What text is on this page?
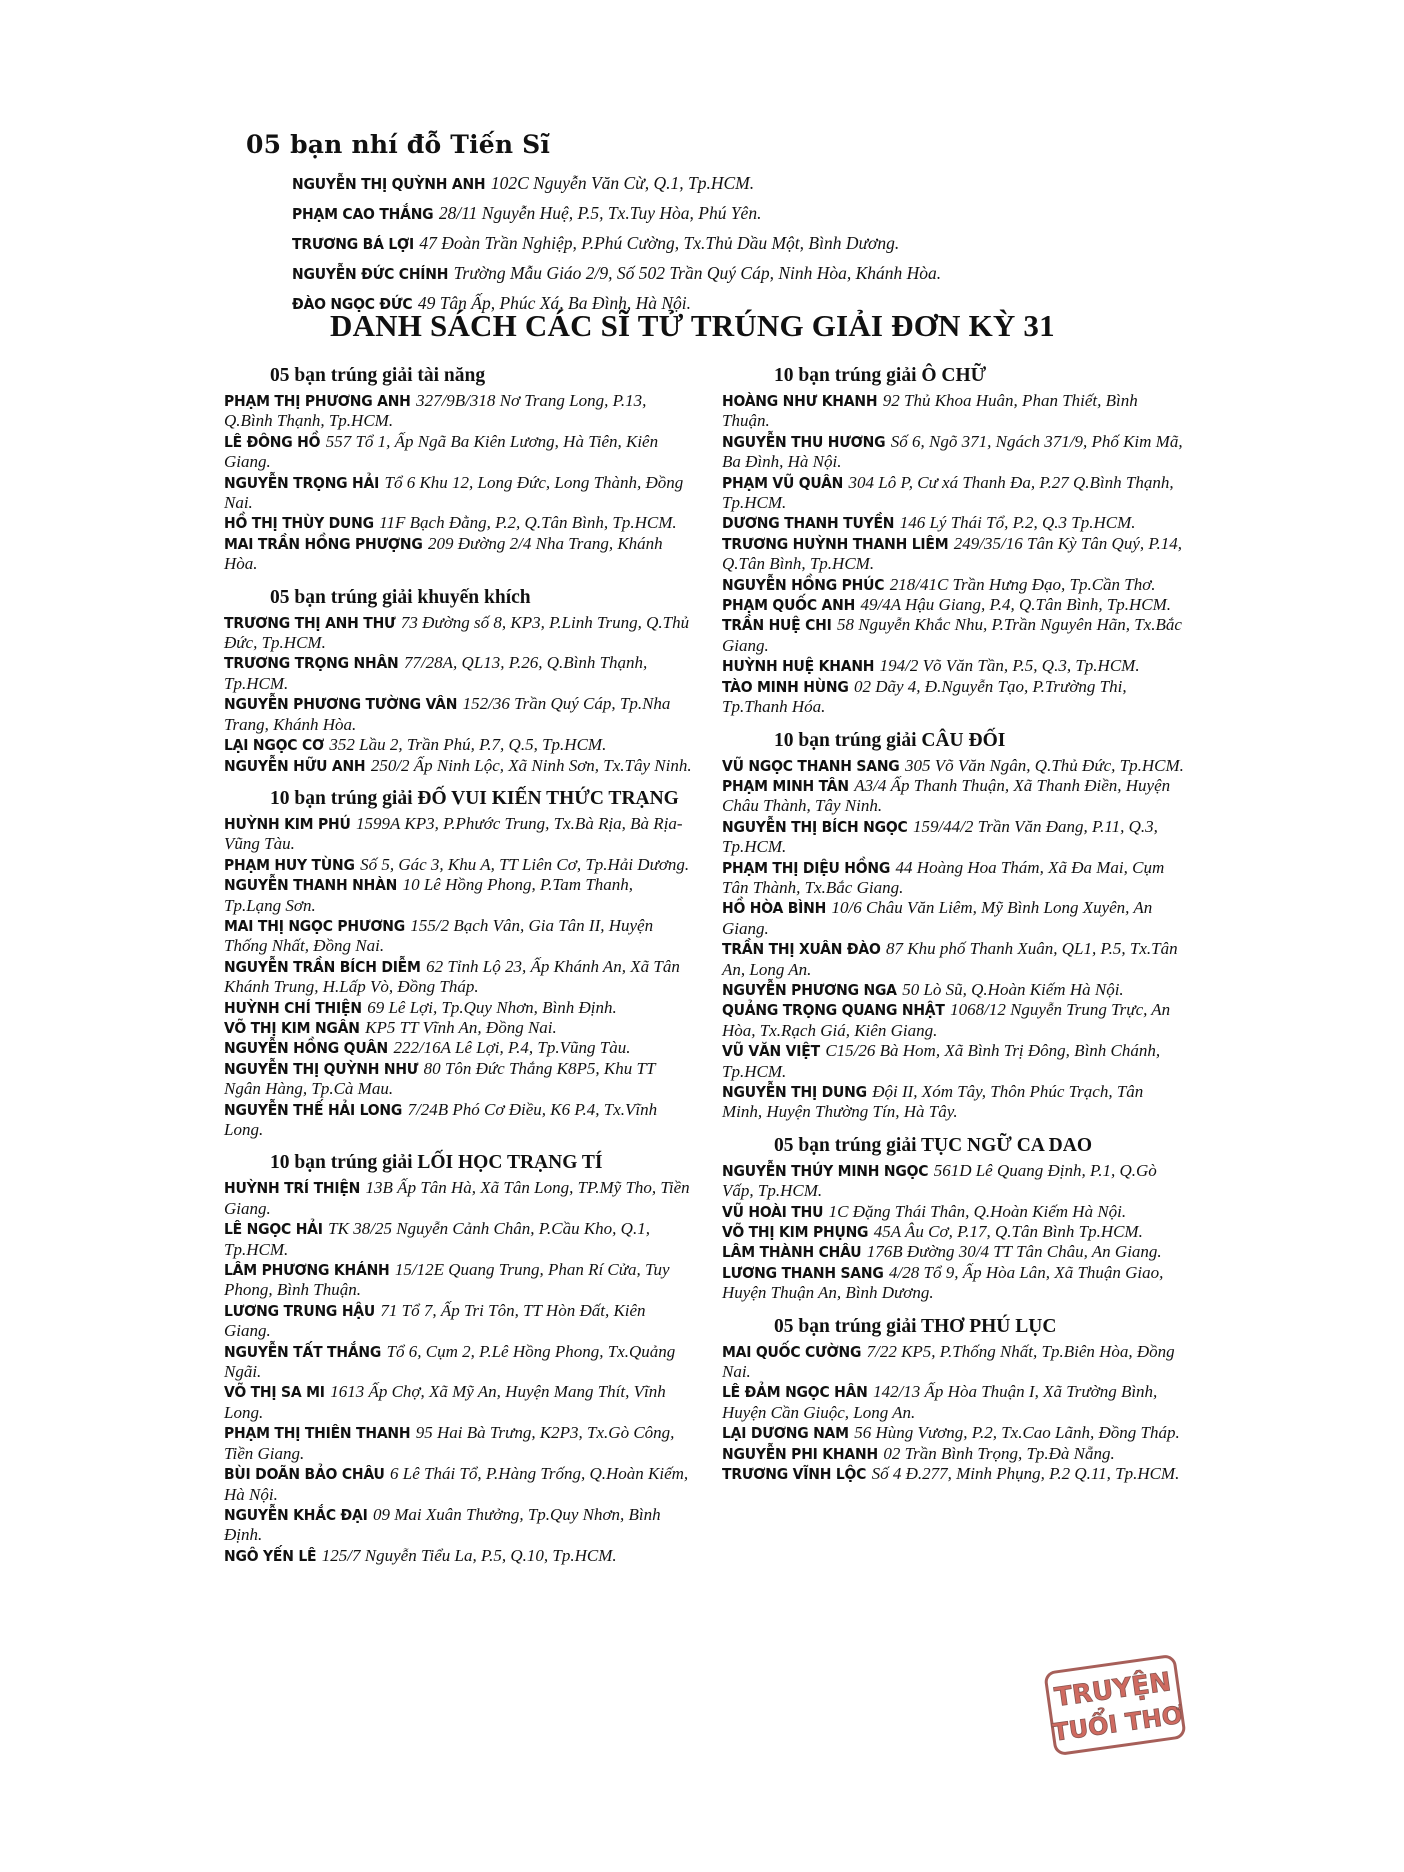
05 bạn nhí đỗ Tiến Sĩ
NGUYỄN THỊ QUỲNH ANH 102C Nguyễn Văn Cừ, Q.1, Tp.HCM.
PHẠM CAO THẮNG 28/11 Nguyễn Huệ, P.5, Tx.Tuy Hòa, Phú Yên.
TRƯƠNG BÁ LỢI 47 Đoàn Trần Nghiệp, P.Phú Cường, Tx.Thủ Dầu Một, Bình Dương.
NGUYỄN ĐỨC CHÍNH Trường Mẫu Giáo 2/9, Số 502 Trần Quý Cáp, Ninh Hòa, Khánh Hòa.
ĐÀO NGỌC ĐỨC 49 Tân Ấp, Phúc Xá, Ba Đình, Hà Nội.
DANH SÁCH CÁC SĨ TỬ TRÚNG GIẢI ĐƠN KỲ 31
05 bạn trúng giải tài năng
PHẠM THỊ PHƯƠNG ANH 327/9B/318 Nơ Trang Long, P.13, Q.Bình Thạnh, Tp.HCM.
LÊ ĐÔNG HỒ 557 Tổ 1, Ấp Ngã Ba Kiên Lương, Hà Tiên, Kiên Giang.
NGUYỄN TRỌNG HẢI Tổ 6 Khu 12, Long Đức, Long Thành, Đồng Nai.
HỒ THỊ THÙY DUNG 11F Bạch Đằng, P.2, Q.Tân Bình, Tp.HCM.
MAI TRẦN HỒNG PHƯỢNG 209 Đường 2/4 Nha Trang, Khánh Hòa.
05 bạn trúng giải khuyến khích
TRƯƠNG THỊ ANH THƯ 73 Đường số 8, KP3, P.Linh Trung, Q.Thủ Đức, Tp.HCM.
TRƯƠNG TRỌNG NHÂN 77/28A, QL13, P.26, Q.Bình Thạnh, Tp.HCM.
NGUYỄN PHƯƠNG TƯỜNG VÂN 152/36 Trần Quý Cáp, Tp.Nha Trang, Khánh Hòa.
LẠI NGỌC CƠ 352 Lầu 2, Trần Phú, P.7, Q.5, Tp.HCM.
NGUYỄN HỮU ANH 250/2 Ấp Ninh Lộc, Xã Ninh Sơn, Tx.Tây Ninh.
10 bạn trúng giải ĐỐ VUI KIẾN THỨC TRẠNG
HUỲNH KIM PHÚ 1599A KP3, P.Phước Trung, Tx.Bà Rịa, Bà Rịa-Vũng Tàu.
PHẠM HUY TÙNG Số 5, Gác 3, Khu A, TT Liên Cơ, Tp.Hải Dương.
NGUYỄN THANH NHÀN 10 Lê Hồng Phong, P.Tam Thanh, Tp.Lạng Sơn.
MAI THỊ NGỌC PHƯƠNG 155/2 Bạch Vân, Gia Tân II, Huyện Thống Nhất, Đồng Nai.
NGUYỄN TRẦN BÍCH DIỄM 62 Tỉnh Lộ 23, Ấp Khánh An, Xã Tân Khánh Trung, H.Lấp Vò, Đồng Tháp.
HUỲNH CHÍ THIỆN 69 Lê Lợi, Tp.Quy Nhơn, Bình Định.
VÕ THỊ KIM NGÂN KP5 TT Vĩnh An, Đồng Nai.
NGUYỄN HỒNG QUÂN 222/16A Lê Lợi, P.4, Tp.Vũng Tàu.
NGUYỄN THỊ QUỲNH NHƯ 80 Tôn Đức Thắng K8P5, Khu TT Ngân Hàng, Tp.Cà Mau.
NGUYỄN THẾ HẢI LONG 7/24B Phó Cơ Điều, K6 P.4, Tx.Vĩnh Long.
10 bạn trúng giải LỐI HỌC TRẠNG TÍ
HUỲNH TRÍ THIỆN 13B Ấp Tân Hà, Xã Tân Long, TP.Mỹ Tho, Tiền Giang.
LÊ NGỌC HẢI TK 38/25 Nguyễn Cảnh Chân, P.Cầu Kho, Q.1, Tp.HCM.
LÂM PHƯƠNG KHÁNH 15/12E Quang Trung, Phan Rí Cửa, Tuy Phong, Bình Thuận.
LƯƠNG TRUNG HẬU 71 Tổ 7, Ấp Tri Tôn, TT Hòn Đất, Kiên Giang.
NGUYỄN TẤT THẮNG Tổ 6, Cụm 2, P.Lê Hồng Phong, Tx.Quảng Ngãi.
VÕ THỊ SA MI 1613 Ấp Chợ, Xã Mỹ An, Huyện Mang Thít, Vĩnh Long.
PHẠM THỊ THIÊN THANH 95 Hai Bà Trưng, K2P3, Tx.Gò Công, Tiền Giang.
BÙI DOÃN BẢO CHÂU 6 Lê Thái Tổ, P.Hàng Trống, Q.Hoàn Kiếm, Hà Nội.
NGUYỄN KHẮC ĐẠI 09 Mai Xuân Thưởng, Tp.Quy Nhơn, Bình Định.
NGÔ YẾN LÊ 125/7 Nguyễn Tiểu La, P.5, Q.10, Tp.HCM.
10 bạn trúng giải Ô CHỮ
HOÀNG NHƯ KHANH 92 Thủ Khoa Huân, Phan Thiết, Bình Thuận.
NGUYỄN THU HƯƠNG Số 6, Ngõ 371, Ngách 371/9, Phố Kim Mã, Ba Đình, Hà Nội.
PHẠM VŨ QUÂN 304 Lô P, Cư xá Thanh Đa, P.27 Q.Bình Thạnh, Tp.HCM.
DƯƠNG THANH TUYỀN 146 Lý Thái Tổ, P.2, Q.3 Tp.HCM.
TRƯƠNG HUỲNH THANH LIÊM 249/35/16 Tân Kỳ Tân Quý, P.14, Q.Tân Bình, Tp.HCM.
NGUYỄN HỒNG PHÚC 218/41C Trần Hưng Đạo, Tp.Cần Thơ.
PHẠM QUỐC ANH 49/4A Hậu Giang, P.4, Q.Tân Bình, Tp.HCM.
TRẦN HUỆ CHI 58 Nguyễn Khắc Nhu, P.Trần Nguyên Hãn, Tx.Bắc Giang.
HUỲNH HUỆ KHANH 194/2 Võ Văn Tần, P.5, Q.3, Tp.HCM.
TÀO MINH HÙNG 02 Dãy 4, Đ.Nguyễn Tạo, P.Trường Thi, Tp.Thanh Hóa.
10 bạn trúng giải CÂU ĐỐI
VŨ NGỌC THANH SANG 305 Võ Văn Ngân, Q.Thủ Đức, Tp.HCM.
PHẠM MINH TÂN A3/4 Ấp Thanh Thuận, Xã Thanh Điền, Huyện Châu Thành, Tây Ninh.
NGUYỄN THỊ BÍCH NGỌC 159/44/2 Trần Văn Đang, P.11, Q.3, Tp.HCM.
PHẠM THỊ DIỆU HỒNG 44 Hoàng Hoa Thám, Xã Đa Mai, Cụm Tân Thành, Tx.Bắc Giang.
HỒ HÒA BÌNH 10/6 Châu Văn Liêm, Mỹ Bình Long Xuyên, An Giang.
TRẦN THỊ XUÂN ĐÀO 87 Khu phố Thanh Xuân, QL1, P.5, Tx.Tân An, Long An.
NGUYỄN PHƯƠNG NGA 50 Lò Sũ, Q.Hoàn Kiếm Hà Nội.
QUẢNG TRỌNG QUANG NHẬT 1068/12 Nguyễn Trung Trực, An Hòa, Tx.Rạch Giá, Kiên Giang.
VŨ VĂN VIỆT C15/26 Bà Hom, Xã Bình Trị Đông, Bình Chánh, Tp.HCM.
NGUYỄN THỊ DUNG Đội II, Xóm Tây, Thôn Phúc Trạch, Tân Minh, Huyện Thường Tín, Hà Tây.
05 bạn trúng giải TỤC NGỮ CA DAO
NGUYỄN THÚY MINH NGỌC 561D Lê Quang Định, P.1, Q.Gò Vấp, Tp.HCM.
VŨ HOÀI THU 1C Đặng Thái Thân, Q.Hoàn Kiếm Hà Nội.
VÕ THỊ KIM PHỤNG 45A Âu Cơ, P.17, Q.Tân Bình Tp.HCM.
LÂM THÀNH CHÂU 176B Đường 30/4 TT Tân Châu, An Giang.
LƯƠNG THANH SANG 4/28 Tổ 9, Ấp Hòa Lân, Xã Thuận Giao, Huyện Thuận An, Bình Dương.
05 bạn trúng giải THƠ PHÚ LỤC
MAI QUỐC CƯỜNG 7/22 KP5, P.Thống Nhất, Tp.Biên Hòa, Đồng Nai.
LÊ ĐẢM NGỌC HÂN 142/13 Ấp Hòa Thuận I, Xã Trường Bình, Huyện Cần Giuộc, Long An.
LẠI DƯƠNG NAM 56 Hùng Vương, P.2, Tx.Cao Lãnh, Đồng Tháp.
NGUYỄN PHI KHANH 02 Trần Bình Trọng, Tp.Đà Nẵng.
TRƯƠNG VĨNH LỘC Số 4 Đ.277, Minh Phụng, P.2 Q.11, Tp.HCM.
TRUYỆN
TUỔI THƠ
